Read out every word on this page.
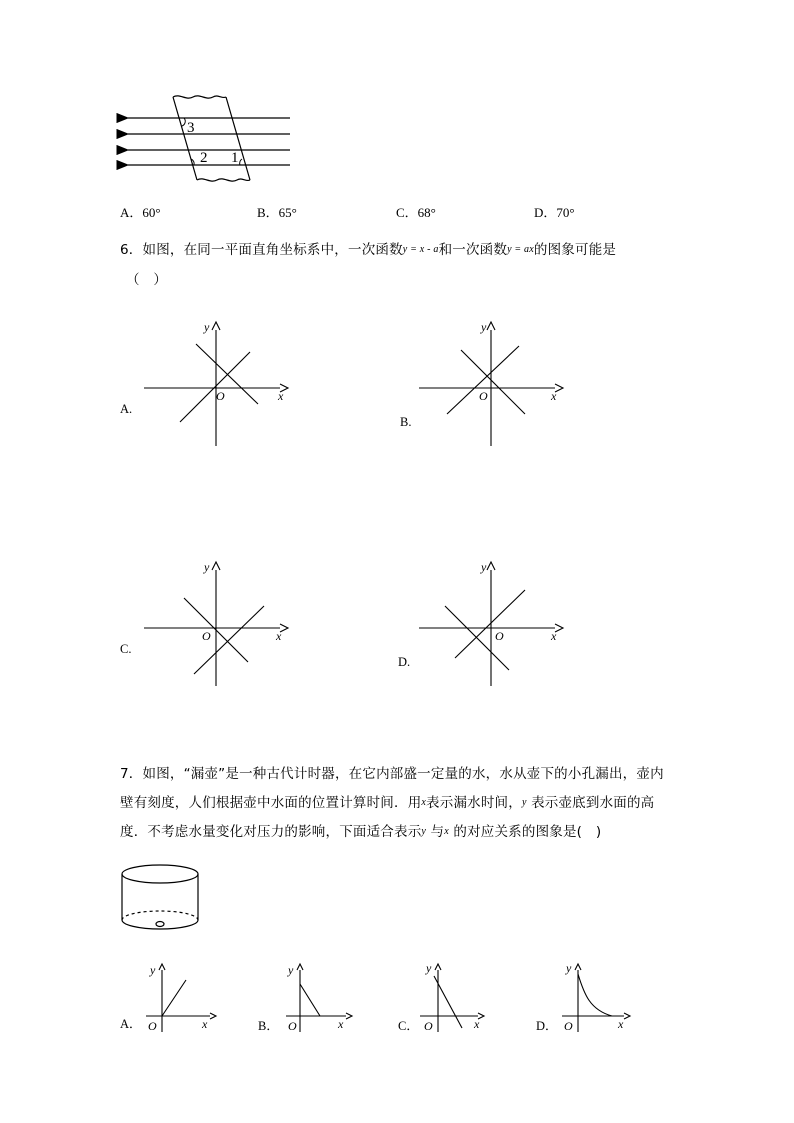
3
2 1
A．60°	B．65°	C．68°	D．70°
6．如图，在同一平面直角坐标系中，一次函数y = x - a和一次函数y = ax的图象可能是
（　）
y
x
O
A.
y
x
O
B.
y
x
O
C.
y
x
O
D.
7．如图，“漏壶”是一种古代计时器，在它内部盛一定量的水，水从壶下的小孔漏出，壶内
壁有刻度，人们根据壶中水面的位置计算时间．用x表示漏水时间，y 表示壶底到水面的高
度．不考虑水量变化对压力的影响，下面适合表示y 与x 的对应关系的图象是(　)
y
x
O
A．
y
x
O
B．
y
x
O
C．
y
x
O
D．
